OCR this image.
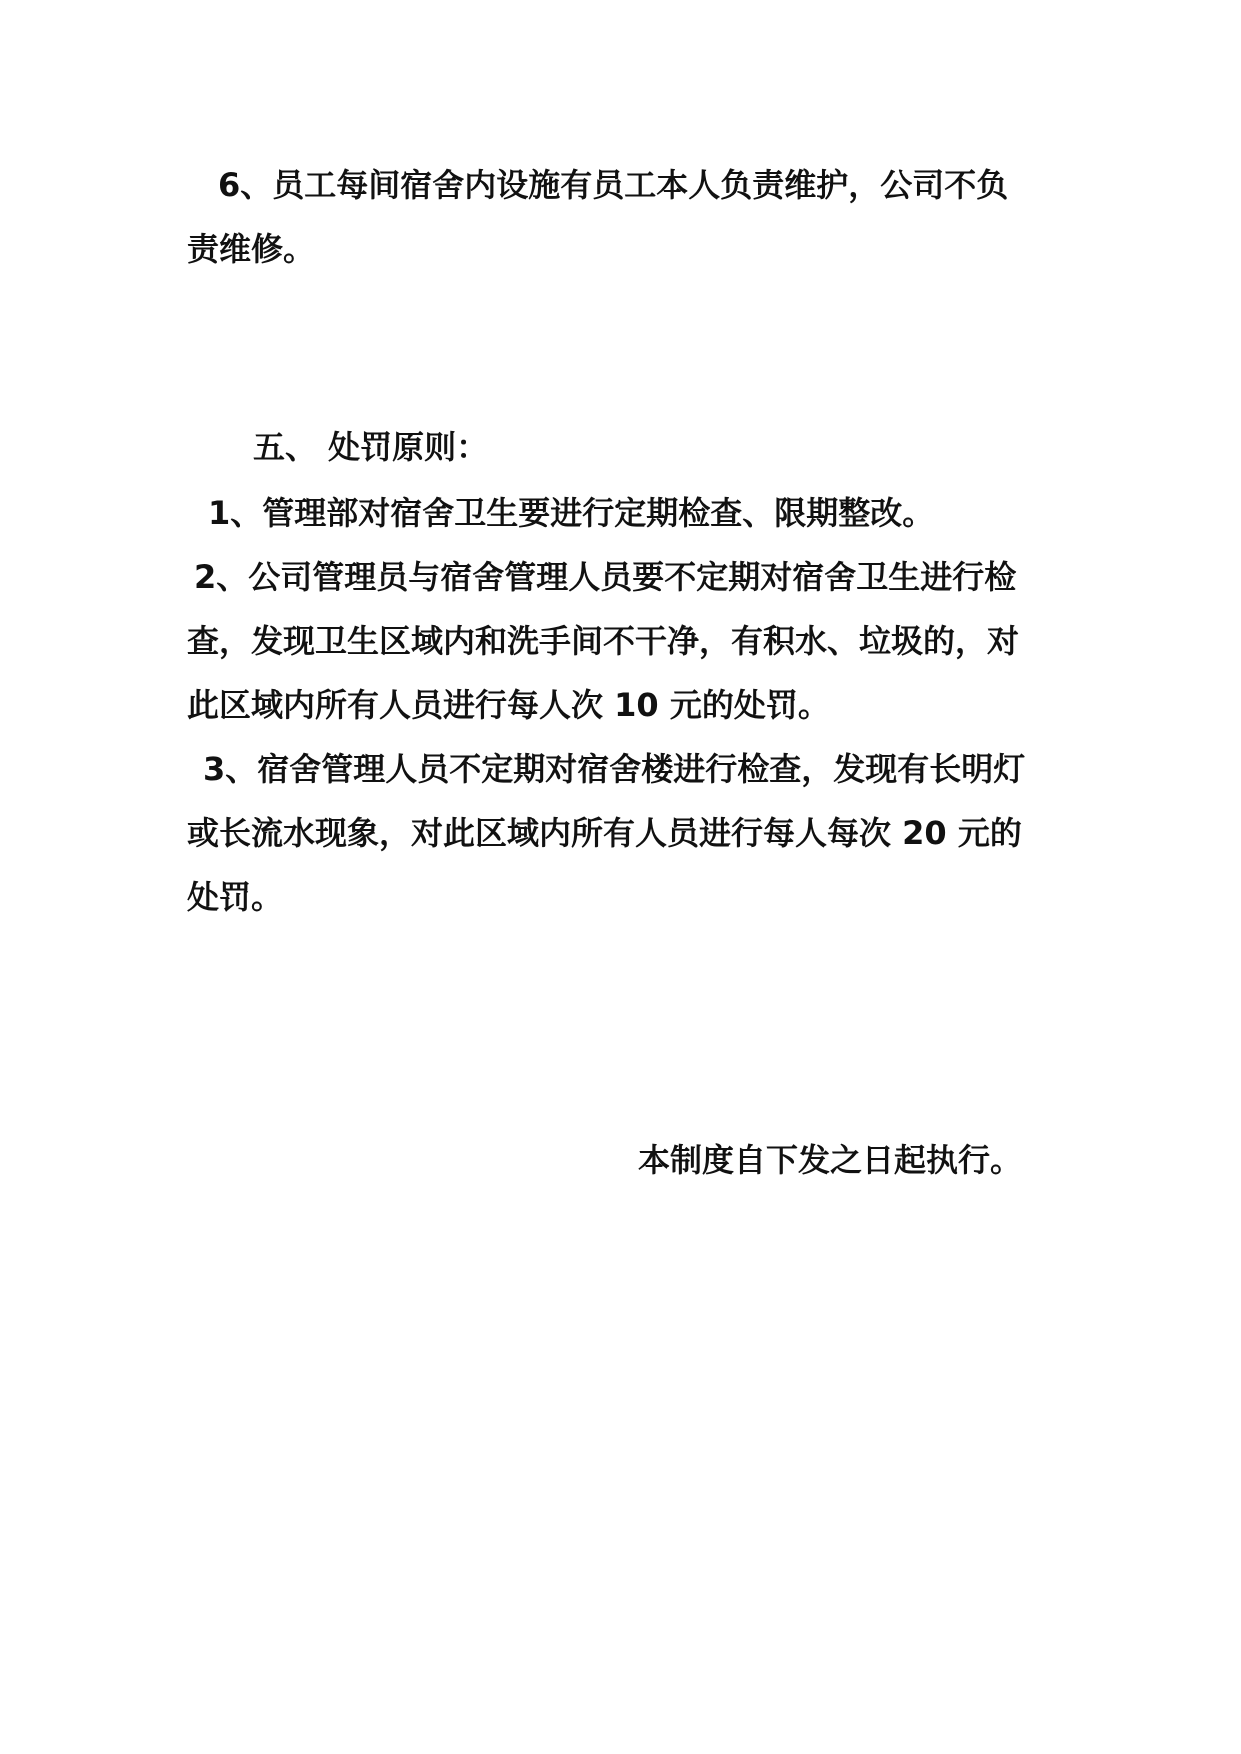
6、员工每间宿舍内设施有员工本人负责维护，公司不负
责维修。
五、 处罚原则：
1、管理部对宿舍卫生要进行定期检查、限期整改。
2、公司管理员与宿舍管理人员要不定期对宿舍卫生进行检
查，发现卫生区域内和洗手间不干净，有积水、垃圾的，对
此区域内所有人员进行每人次 10 元的处罚。
3、宿舍管理人员不定期对宿舍楼进行检查，发现有长明灯
或长流水现象，对此区域内所有人员进行每人每次 20 元的
处罚。
本制度自下发之日起执行。
